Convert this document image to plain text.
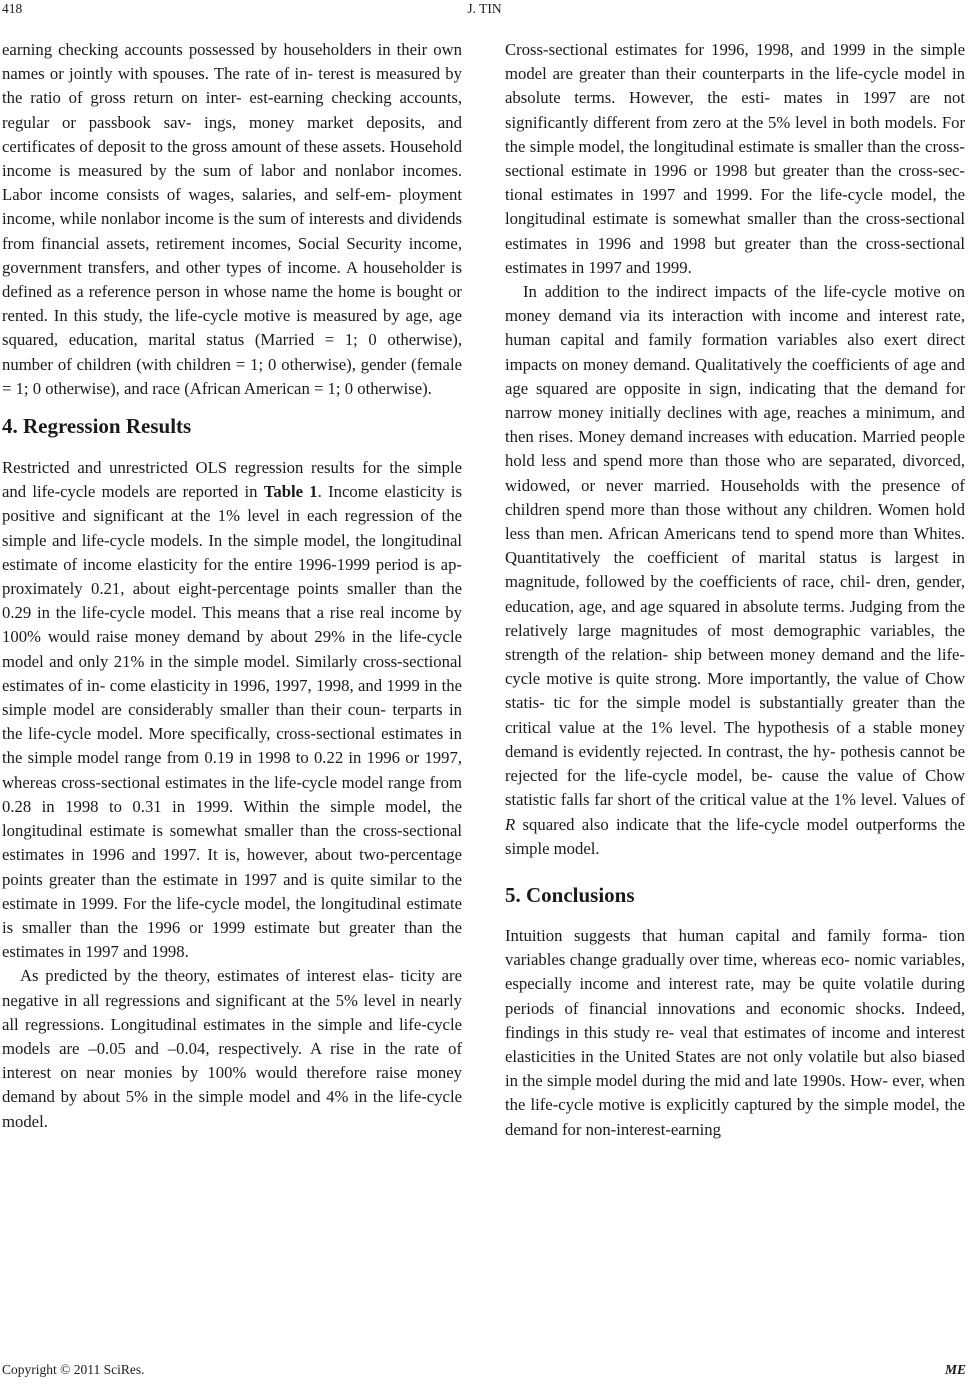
418	J. TIN

earning checking accounts possessed by householders in their own names or jointly with spouses. The rate of in- terest is measured by the ratio of gross return on inter- est-earning checking accounts, regular or passbook sav- ings, money market deposits, and certificates of deposit to the gross amount of these assets. Household income is measured by the sum of labor and nonlabor incomes. Labor income consists of wages, salaries, and self-em- ployment income, while nonlabor income is the sum of interests and dividends from financial assets, retirement incomes, Social Security income, government transfers, and other types of income. A householder is defined as a reference person in whose name the home is bought or rented. In this study, the life-cycle motive is measured by age, age squared, education, marital status (Married = 1; 0 otherwise), number of children (with children = 1; 0 otherwise), gender (female = 1; 0 otherwise), and race (African American = 1; 0 otherwise).

4. Regression Results

Restricted and unrestricted OLS regression results for the simple and life-cycle models are reported in Table 1. Income elasticity is positive and significant at the 1% level in each regression of the simple and life-cycle models. In the simple model, the longitudinal estimate of income elasticity for the entire 1996-1999 period is ap- proximately 0.21, about eight-percentage points smaller than the 0.29 in the life-cycle model. This means that a rise real income by 100% would raise money demand by about 29% in the life-cycle model and only 21% in the simple model. Similarly cross-sectional estimates of in- come elasticity in 1996, 1997, 1998, and 1999 in the simple model are considerably smaller than their coun- terparts in the life-cycle model. More specifically, cross-sectional estimates in the simple model range from 0.19 in 1998 to 0.22 in 1996 or 1997, whereas cross-sectional estimates in the life-cycle model range from 0.28 in 1998 to 0.31 in 1999. Within the simple model, the longitudinal estimate is somewhat smaller than the cross-sectional estimates in 1996 and 1997. It is, however, about two-percentage points greater than the estimate in 1997 and is quite similar to the estimate in 1999. For the life-cycle model, the longitudinal estimate is smaller than the 1996 or 1999 estimate but greater than the estimates in 1997 and 1998.

As predicted by the theory, estimates of interest elas- ticity are negative in all regressions and significant at the 5% level in nearly all regressions. Longitudinal estimates in the simple and life-cycle models are –0.05 and –0.04, respectively. A rise in the rate of interest on near monies by 100% would therefore raise money demand by about 5% in the simple model and 4% in the life-cycle model.

Cross-sectional estimates for 1996, 1998, and 1999 in the simple model are greater than their counterparts in the life-cycle model in absolute terms. However, the esti- mates in 1997 are not significantly different from zero at the 5% level in both models. For the simple model, the longitudinal estimate is smaller than the cross-sectional estimate in 1996 or 1998 but greater than the cross-sec- tional estimates in 1997 and 1999. For the life-cycle model, the longitudinal estimate is somewhat smaller than the cross-sectional estimates in 1996 and 1998 but greater than the cross-sectional estimates in 1997 and 1999.

In addition to the indirect impacts of the life-cycle motive on money demand via its interaction with income and interest rate, human capital and family formation variables also exert direct impacts on money demand. Qualitatively the coefficients of age and age squared are opposite in sign, indicating that the demand for narrow money initially declines with age, reaches a minimum, and then rises. Money demand increases with education. Married people hold less and spend more than those who are separated, divorced, widowed, or never married. Households with the presence of children spend more than those without any children. Women hold less than men. African Americans tend to spend more than Whites. Quantitatively the coefficient of marital status is largest in magnitude, followed by the coefficients of race, chil- dren, gender, education, age, and age squared in absolute terms. Judging from the relatively large magnitudes of most demographic variables, the strength of the relation- ship between money demand and the life-cycle motive is quite strong. More importantly, the value of Chow statis- tic for the simple model is substantially greater than the critical value at the 1% level. The hypothesis of a stable money demand is evidently rejected. In contrast, the hy- pothesis cannot be rejected for the life-cycle model, be- cause the value of Chow statistic falls far short of the critical value at the 1% level. Values of R squared also indicate that the life-cycle model outperforms the simple model.

5. Conclusions

Intuition suggests that human capital and family forma- tion variables change gradually over time, whereas eco- nomic variables, especially income and interest rate, may be quite volatile during periods of financial innovations and economic shocks. Indeed, findings in this study re- veal that estimates of income and interest elasticities in the United States are not only volatile but also biased in the simple model during the mid and late 1990s. How- ever, when the life-cycle motive is explicitly captured by the simple model, the demand for non-interest-earning

Copyright © 2011 SciRes.	ME
